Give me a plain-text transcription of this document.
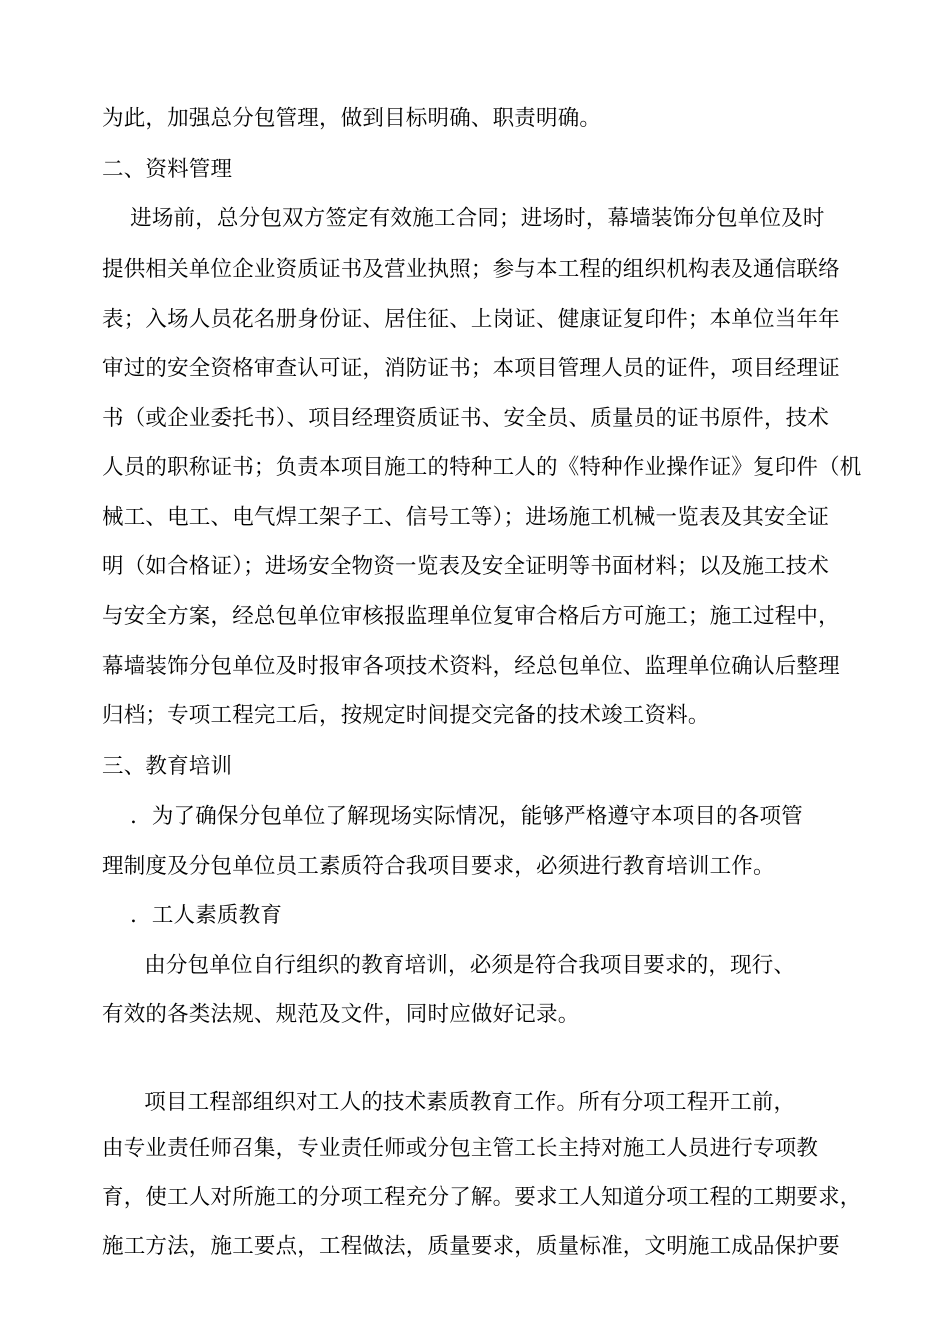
为此，加强总分包管理，做到目标明确、职责明确。
二、资料管理
进场前，总分包双方签定有效施工合同；进场时，幕墙装饰分包单位及时
提供相关单位企业资质证书及营业执照；参与本工程的组织机构表及通信联络
表；入场人员花名册身份证、居住征、上岗证、健康证复印件；本单位当年年
审过的安全资格审查认可证，消防证书；本项目管理人员的证件，项目经理证
书（或企业委托书）、项目经理资质证书、安全员、质量员的证书原件，技术
人员的职称证书；负责本项目施工的特种工人的《特种作业操作证》复印件（机
械工、电工、电气焊工架子工、信号工等）；进场施工机械一览表及其安全证
明（如合格证）；进场安全物资一览表及安全证明等书面材料；以及施工技术
与安全方案，经总包单位审核报监理单位复审合格后方可施工；施工过程中，
幕墙装饰分包单位及时报审各项技术资料，经总包单位、监理单位确认后整理
归档；专项工程完工后，按规定时间提交完备的技术竣工资料。
三、教育培训
．为了确保分包单位了解现场实际情况，能够严格遵守本项目的各项管
理制度及分包单位员工素质符合我项目要求，必须进行教育培训工作。
．工人素质教育
由分包单位自行组织的教育培训，必须是符合我项目要求的，现行、
有效的各类法规、规范及文件，同时应做好记录。
项目工程部组织对工人的技术素质教育工作。所有分项工程开工前，
由专业责任师召集，专业责任师或分包主管工长主持对施工人员进行专项教
育，使工人对所施工的分项工程充分了解。要求工人知道分项工程的工期要求，
施工方法，施工要点，工程做法，质量要求，质量标准，文明施工成品保护要
